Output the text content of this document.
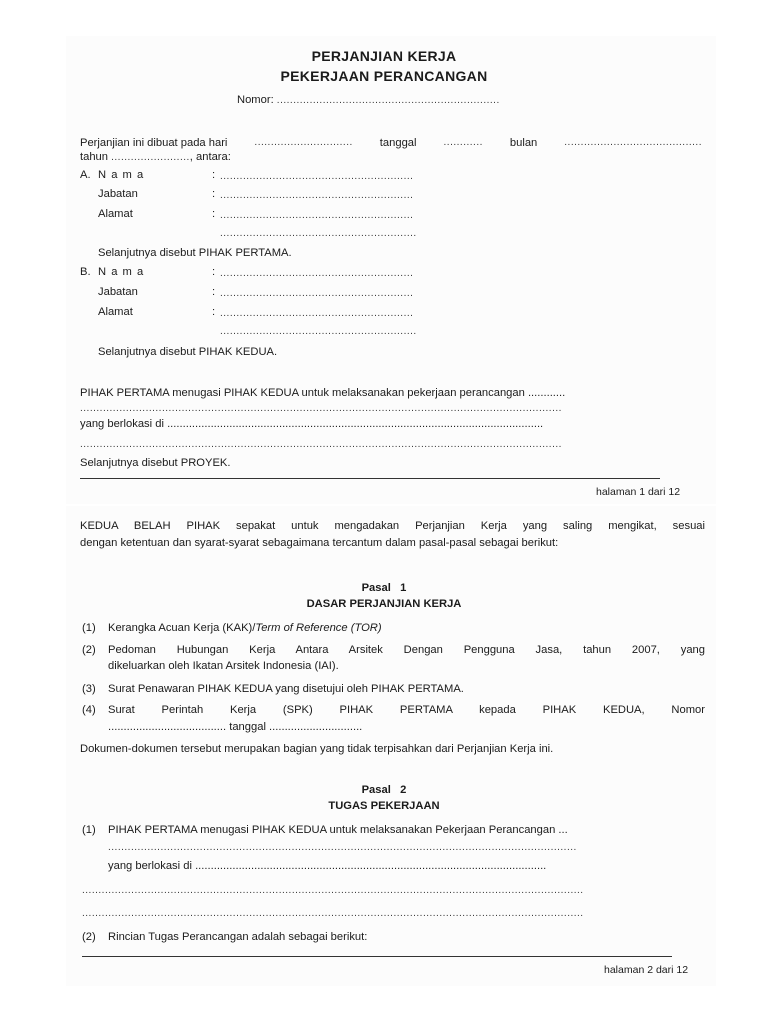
PERJANJIAN KERJA
PEKERJAAN PERANCANGAN
Nomor: ....................................................................
Perjanjian ini dibuat pada hari	.............................. tanggal	............ bulan	..........................................
tahun ........................, antara:
A. N a m a	: ...........................................................
Jabatan	: ...........................................................
Alamat	: ...........................................................
............................................................
Selanjutnya disebut PIHAK PERTAMA.
B. N a m a	: ...........................................................
Jabatan	: ...........................................................
Alamat	: ...........................................................
............................................................
Selanjutnya disebut PIHAK KEDUA.
PIHAK PERTAMA menugasi PIHAK KEDUA untuk melaksanakan pekerjaan perancangan ............
...................................................................................................................................................
yang berlokasi di .........................................................................................................................
...................................................................................................................................................
Selanjutnya disebut PROYEK.
halaman 1 dari 12
KEDUA BELAH PIHAK sepakat untuk mengadakan Perjanjian Kerja yang saling mengikat, sesuai
dengan ketentuan dan syarat-syarat sebagaimana tercantum dalam pasal-pasal sebagai berikut:
Pasal   1
DASAR PERJANJIAN KERJA
(1) Kerangka Acuan Kerja (KAK)/Term of Reference (TOR)
(2) Pedoman Hubungan Kerja Antara Arsitek Dengan Pengguna Jasa, tahun 2007, yang
dikeluarkan oleh Ikatan Arsitek Indonesia (IAI).
(3) Surat Penawaran PIHAK KEDUA yang disetujui oleh PIHAK PERTAMA.
(4) Surat Perintah Kerja (SPK) PIHAK PERTAMA kepada PIHAK KEDUA, Nomor
...................................... tanggal ..............................
Dokumen-dokumen tersebut merupakan bagian yang tidak terpisahkan dari Perjanjian Kerja ini.
Pasal   2
TUGAS PEKERJAAN
(1) PIHAK PERTAMA menugasi PIHAK KEDUA untuk melaksanakan Pekerjaan Perancangan ...
...............................................................................................................................................
yang berlokasi di .................................................................................................................
.........................................................................................................................................................
.........................................................................................................................................................
(2) Rincian Tugas Perancangan adalah sebagai berikut:
halaman 2 dari 12
